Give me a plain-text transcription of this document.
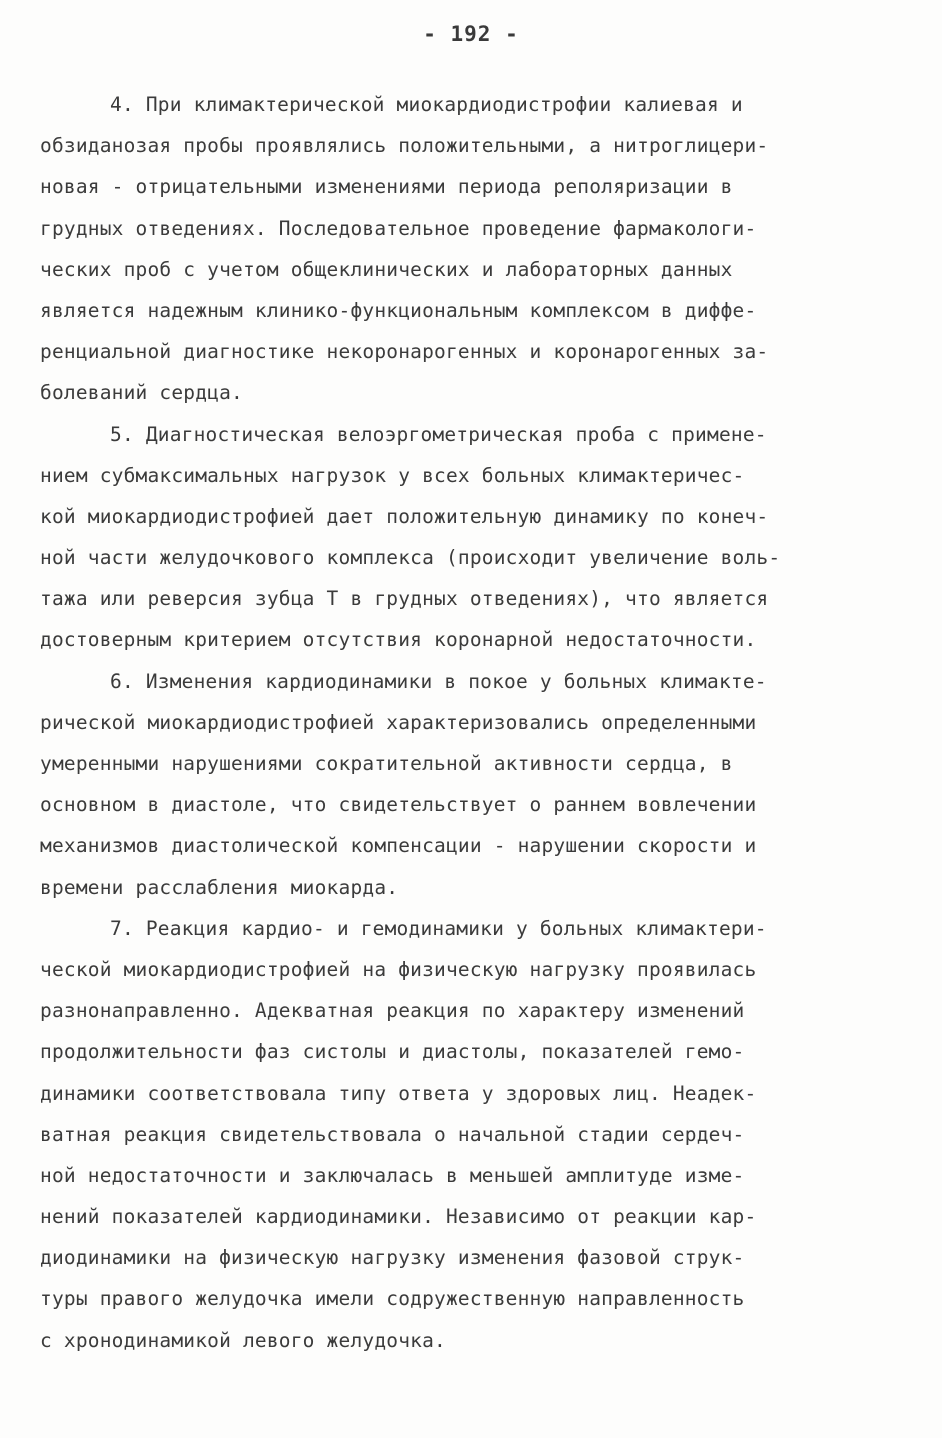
- 192 -
4. При климактерической миокардиодистрофии калиевая и
обзиданозая пробы проявлялись положительными, а нитроглицери-
новая - отрицательными изменениями периода реполяризации в
грудных отведениях. Последовательное проведение фармакологи-
ческих проб с учетом общеклинических и лабораторных данных
является надежным клинико-функциональным комплексом в диффе-
ренциальной диагностике некоронарогенных и коронарогенных за-
болеваний сердца.
5. Диагностическая велоэргометрическая проба с примене-
нием субмаксимальных нагрузок у всех больных климактеричес-
кой миокардиодистрофией дает положительную динамику по конеч-
ной части желудочкового комплекса (происходит увеличение воль-
тажа или реверсия зубца Т в грудных отведениях), что является
достоверным критерием отсутствия коронарной недостаточности.
6. Изменения кардиодинамики в покое у больных климакте-
рической миокардиодистрофией характеризовались определенными
умеренными нарушениями сократительной активности сердца, в
основном в диастоле, что свидетельствует о раннем вовлечении
механизмов диастолической компенсации - нарушении скорости и
времени расслабления миокарда.
7. Реакция кардио- и гемодинамики у больных климактери-
ческой миокардиодистрофией на физическую нагрузку проявилась
разнонаправленно. Адекватная реакция по характеру изменений
продолжительности фаз систолы и диастолы, показателей гемо-
динамики соответствовала типу ответа у здоровых лиц. Неадек-
ватная реакция свидетельствовала о начальной стадии сердеч-
ной недостаточности и заключалась в меньшей амплитуде изме-
нений показателей кардиодинамики. Независимо от реакции кар-
диодинамики на физическую нагрузку изменения фазовой струк-
туры правого желудочка имели содружественную направленность
с хронодинамикой левого желудочка.
